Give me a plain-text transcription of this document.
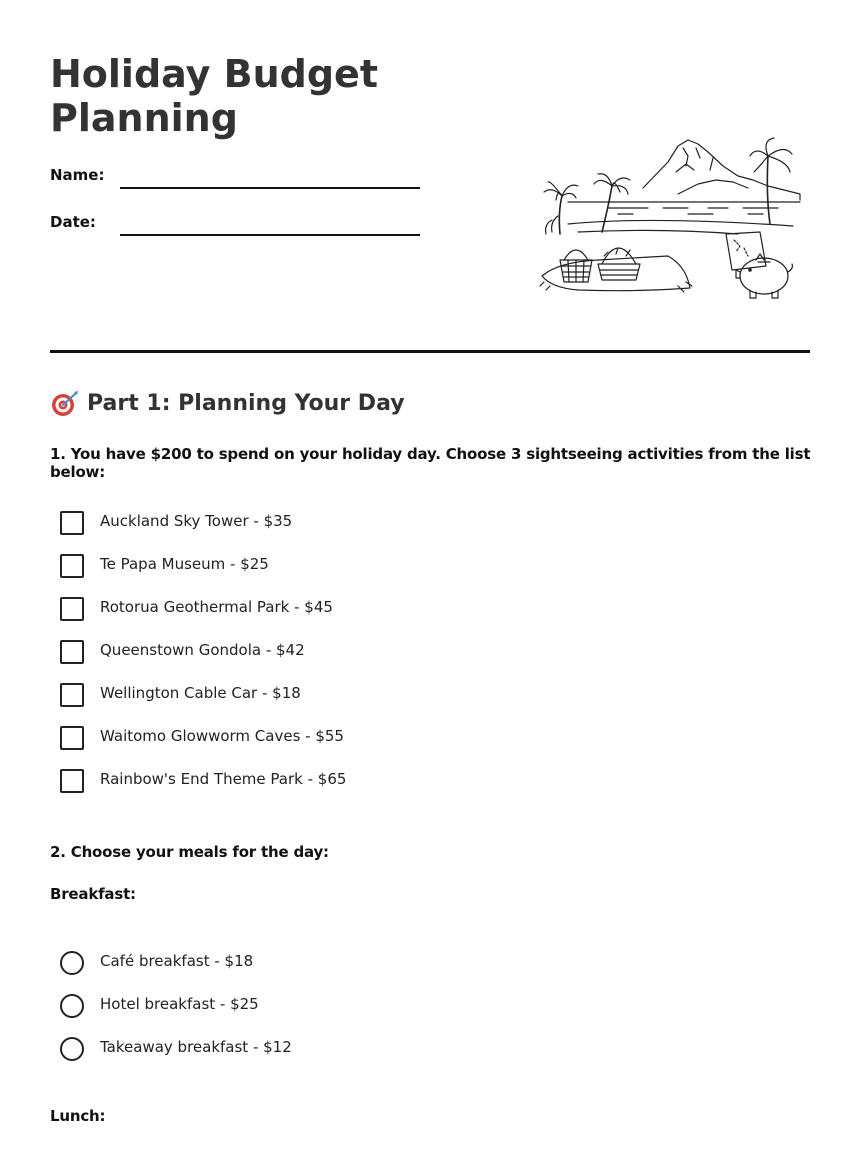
Holiday Budget Planning
Name:
Date:
Part 1: Planning Your Day

1. You have $200 to spend on your holiday day. Choose 3 sightseeing activities from the list below:

Auckland Sky Tower - $35
Te Papa Museum - $25
Rotorua Geothermal Park - $45
Queenstown Gondola - $42
Wellington Cable Car - $18
Waitomo Glowworm Caves - $55
Rainbow's End Theme Park - $65

2. Choose your meals for the day:

Breakfast:

Café breakfast - $18
Hotel breakfast - $25
Takeaway breakfast - $12

Lunch:
